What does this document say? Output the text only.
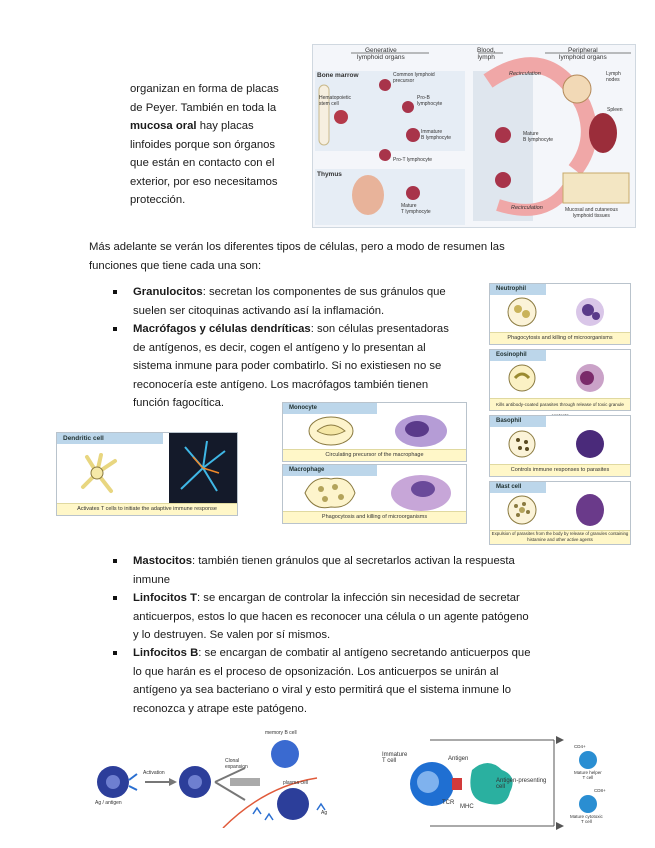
organizan en forma de placas
de Peyer. También en toda la
mucosa oral hay placas
linfoides porque son órganos
que están en contacto con el
exterior, por eso necesitamos
protección.
Generative
lymphoid organs
Blood,
lymph
Peripheral
lymphoid organs
Bone marrow
Hematopoietic
stem cell
Common lymphoid
precursor
Pro-B
lymphocyte
Immature
B lymphocyte
Pro-T lymphocyte
Thymus
Mature
T lymphocyte
Mature
B lymphocyte
Recirculation
Recirculation
Lymph
nodes
Spleen
Mucosal and cutaneous
lymphoid tissues
Más adelante se verán los diferentes tipos de células, pero a modo de resumen las
funciones que tiene cada una son:
Granulocitos: secretan los componentes de sus gránulos que
suelen ser citoquinas activando así la inflamación.
Macrófagos y células dendríticas: son células presentadoras
de antígenos, es decir, cogen el antígeno y lo presentan al
sistema inmune para poder combatirlo. Si no existiesen no se
reconocería este antígeno. Los macrófagos también tienen
función fagocítica.
Neutrophil
Phagocytosis and killing of microorganisms
Eosinophil
Kills antibody-coated parasites through release of toxic granule
Basophil
Controls immune responses to parasites
Mast cell
Expulsion of parasites from the body by release of granules containing histamine and other active agents
Monocyte
Circulating precursor of the macrophage
Macrophage
Phagocytosis and killing of microorganisms
Dendritic cell
Activates T cells to initiate the adaptive immune response
Mastocitos: también tienen gránulos que al secretarlos activan la respuesta
inmune
Linfocitos T: se encargan de controlar la infección sin necesidad de secretar
anticuerpos, estos lo que hacen es reconocer una célula o un agente patógeno
y lo destruyen. Se valen por sí mismos.
Linfocitos B: se encargan de combatir al antígeno secretando anticuerpos que
lo que harán es el proceso de opsonización. Los anticuerpos se unirán al
antígeno ya sea bacteriano o viral y esto permitirá que el sistema inmune lo
reconozca y atrape este patógeno.
Activation
Clonal
expansion
memory B cell
plasma cell
Ag
Ag / antigen
Immature
T cell	Antigen
Antigen-presenting
cell
TCR
MHC
CD4+
Mature helper
T cell
CD8+
Mature cytotoxic
T cell
